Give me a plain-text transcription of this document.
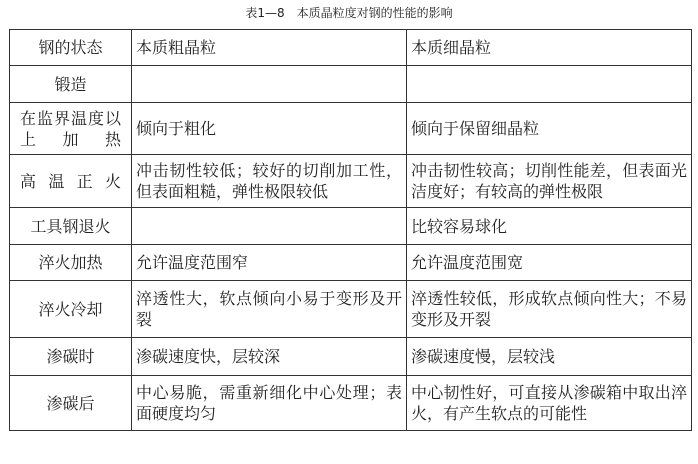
表1—8 本质晶粒度对钢的性能的影响
钢的状态	本质粗晶粒	本质细晶粒
锻造		
在监界温度以上加热	倾向于粗化	倾向于保留细晶粒
高温正火	冲击韧性较低；较好的切削加工性，但表面粗糙，弹性极限较低	冲击韧性较高；切削性能差，但表面光洁度好；有较高的弹性极限
工具钢退火		比较容易球化
淬火加热	允许温度范围窄	允许温度范围宽
淬火冷却	淬透性大，软点倾向小易于变形及开裂	淬透性较低，形成软点倾向性大；不易变形及开裂
渗碳时	渗碳速度快，层较深	渗碳速度慢，层较浅
渗碳后	中心易脆，需重新细化中心处理；表面硬度均匀	中心韧性好，可直接从渗碳箱中取出淬火，有产生软点的可能性
